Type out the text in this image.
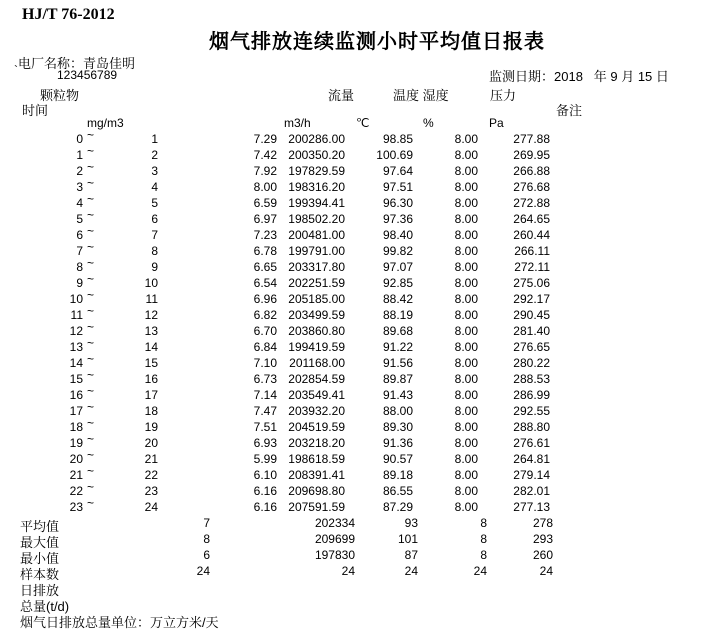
HJ/T 76-2012
烟气排放连续监测小时平均值日报表
电厂名称：青岛佳明
`	123456789	监测日期：2018   年 9 月 15 日
颗粒物	流量	温度 湿度	压力
时间	备注
mg/m3	m3/h	℃	%	Pa
0 ~	1	7.29 200286.00	98.85	8.00	277.88
1 ~	2	7.42 200350.20	100.69	8.00	269.95
2 ~	3	7.92 197829.59	97.64	8.00	266.88
3 ~	4	8.00 198316.20	97.51	8.00	276.68
4 ~	5	6.59 199394.41	96.30	8.00	272.88
5 ~	6	6.97 198502.20	97.36	8.00	264.65
6 ~	7	7.23 200481.00	98.40	8.00	260.44
7 ~	8	6.78 199791.00	99.82	8.00	266.11
8 ~	9	6.65 203317.80	97.07	8.00	272.11
9 ~	10	6.54 202251.59	92.85	8.00	275.06
10 ~	11	6.96 205185.00	88.42	8.00	292.17
11 ~	12	6.82 203499.59	88.19	8.00	290.45
12 ~	13	6.70 203860.80	89.68	8.00	281.40
13 ~	14	6.84 199419.59	91.22	8.00	276.65
14 ~	15	7.10	201168.00	91.56	8.00	280.22
15 ~	16	6.73 202854.59	89.87	8.00	288.53
16 ~	17	7.14 203549.41	91.43	8.00	286.99
17 ~	18	7.47 203932.20	88.00	8.00	292.55
18 ~	19	7.51 204519.59	89.30	8.00	288.80
19 ~	20	6.93 203218.20	91.36	8.00	276.61
20 ~	21	5.99 198618.59	90.57	8.00	264.81
21 ~	22	6.10 208391.41	89.18	8.00	279.14
22 ~	23	6.16 209698.80	86.55	8.00	282.01
23 ~	24	6.16 207591.59	87.29	8.00	277.13
平均值	7	202334	93	8	278
最大值	8	209699	101	8	293
最小值	6	197830	87	8	260
样本数	24	24	24	24	24
日排放
总量(t/d)
烟气日排放总量单位：万立方米/天
